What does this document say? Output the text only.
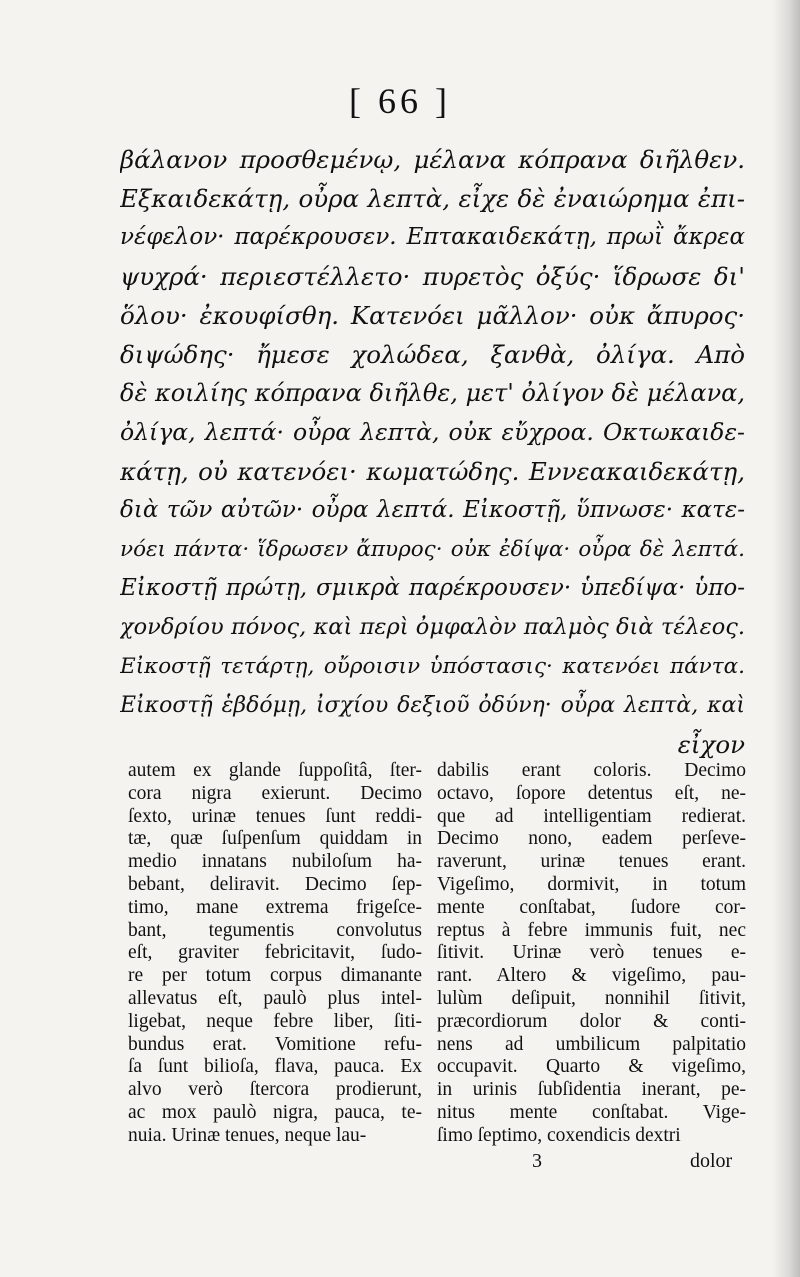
[ 66 ]
βάλανον προσθεμένῳ, μέλανα κόπρανα διῆλθεν.
Εξκαιδεκάτῃ, οὖρα λεπτὰ, εἶχε δὲ ἐναιώρημα ἐπι-
νέφελον· παρέκρουσεν. Επτακαιδεκάτῃ, πρωῒ ἄκρεα
ψυχρά· περιεστέλλετο· πυρετὸς ὀξύς· ἵδρωσε δι'
ὅλου· ἐκουφίσθη. Κατενόει μᾶλλον· οὐκ ἄπυρος·
διψώδης· ἤμεσε χολώδεα, ξανθὰ, ὀλίγα. Απὸ
δὲ κοιλίης κόπρανα διῆλθε, μετ' ὀλίγον δὲ μέλανα,
ὀλίγα, λεπτά· οὖρα λεπτὰ, οὐκ εὔχροα. Οκτωκαιδε-
κάτῃ, οὐ κατενόει· κωματώδης. Εννεακαιδεκάτῃ,
διὰ τῶν αὐτῶν· οὖρα λεπτά. Εἰκοστῇ, ὕπνωσε· κατε-
νόει πάντα· ἵδρωσεν ἄπυρος· οὐκ ἐδίψα· οὖρα δὲ λεπτά.
Εἰκοστῇ πρώτῃ, σμικρὰ παρέκρουσεν· ὑπεδίψα· ὑπο-
χονδρίου πόνος, καὶ περὶ ὀμφαλὸν παλμὸς διὰ τέλεος.
Εἰκοστῇ τετάρτῃ, οὔροισιν ὑπόστασις· κατενόει πάντα.
Εἰκοστῇ ἑβδόμῃ, ἰσχίου δεξιοῦ ὀδύνη· οὖρα λεπτὰ, καὶ
εἶχον
autem ex glande ſuppoſitâ, ſter-
cora nigra exierunt. Decimo
ſexto, urinæ tenues ſunt reddi-
tæ, quæ ſuſpenſum quiddam in
medio innatans nubiloſum ha-
bebant, deliravit. Decimo ſep-
timo, mane extrema frigeſce-
bant, tegumentis convolutus
eſt, graviter febricitavit, ſudo-
re per totum corpus dimanante
allevatus eſt, paulò plus intel-
ligebat, neque febre liber, ſiti-
bundus erat. Vomitione refu-
ſa ſunt bilioſa, flava, pauca. Ex
alvo verò ſtercora prodierunt,
ac mox paulò nigra, pauca, te-
nuia. Urinæ tenues, neque lau-
dabilis erant coloris. Decimo
octavo, ſopore detentus eſt, ne-
que ad intelligentiam redierat.
Decimo nono, eadem perſeve-
raverunt, urinæ tenues erant.
Vigeſimo, dormivit, in totum
mente conſtabat, ſudore cor-
reptus à febre immunis fuit, nec
ſitivit. Urinæ verò tenues e-
rant. Altero & vigeſimo, pau-
lulùm deſipuit, nonnihil ſitivit,
præcordiorum dolor & conti-
nens ad umbilicum palpitatio
occupavit. Quarto & vigeſimo,
in urinis ſubſidentia inerant, pe-
nitus mente conſtabat. Vige-
ſimo ſeptimo, coxendicis dextri
3	dolor
